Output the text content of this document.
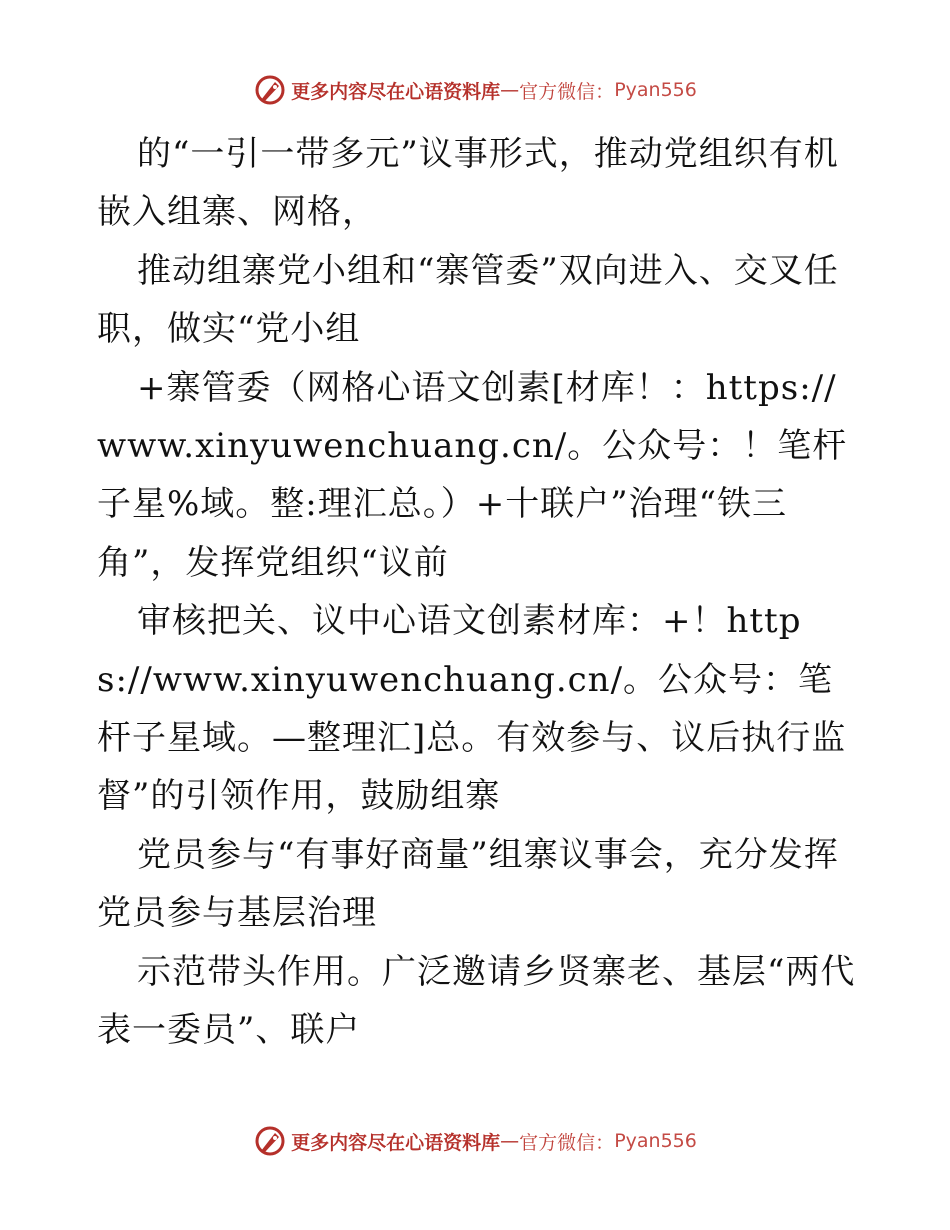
更多内容尽在心语资料库 — 官方微信： Pyan556

的“一引一带多元”议事形式，推动党组织有机嵌入组寨、网格，

推动组寨党小组和“寨管委”双向进入、交叉任职，做实“党小组

+寨管委（网格心语文创素[材库！：https://www.xinyuwenchuang.cn/。公众号：！笔杆子星%域。整:理汇总。）+十联户”治理“铁三角”，发挥党组织“议前

审核把关、议中心语文创素材库：+！https://www.xinyuwenchuang.cn/。公众号：笔杆子星域。—整理汇]总。有效参与、议后执行监督”的引领作用，鼓励组寨

党员参与“有事好商量”组寨议事会，充分发挥党员参与基层治理

示范带头作用。广泛邀请乡贤寨老、基层“两代表一委员”、联户

更多内容尽在心语资料库 — 官方微信： Pyan556
